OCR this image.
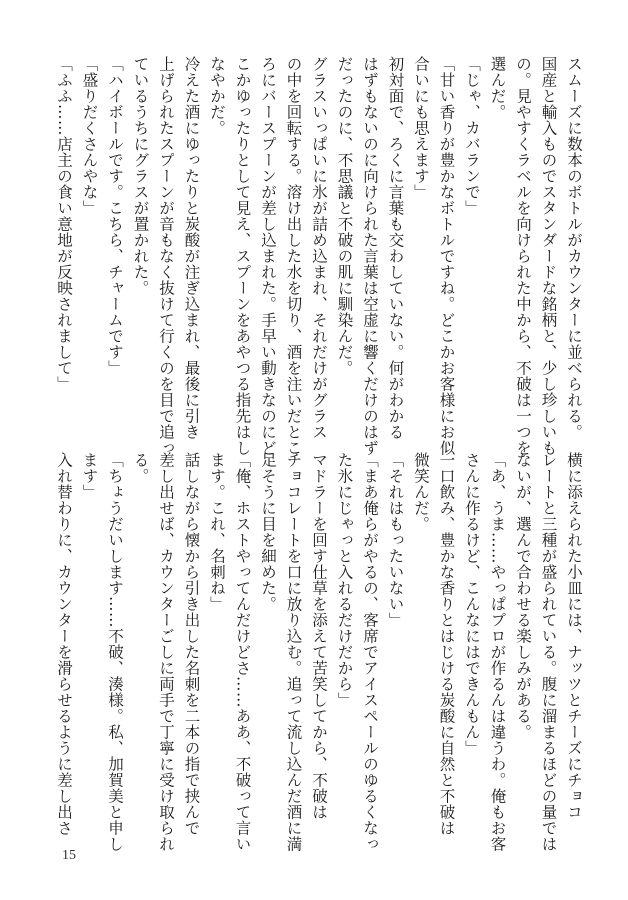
スムーズに数本のボトルがカウンターに並べられる。
国産と輸入ものでスタンダードな銘柄と、少し珍しいも
の。見やすくラベルを向けられた中から、不破は一つを
選んだ。
「じゃ、カバランで」
「甘い香りが豊かなボトルですね。どこかお客様にお似
合いにも思えます」
初対面で、ろくに言葉も交わしていない。何がわかる
はずもないのに向けられた言葉は空虚に響くだけのはず
だったのに、不思議と不破の肌に馴染んだ。
グラスいっぱいに氷が詰め込まれ、それだけがグラス
の中を回転する。溶け出した水を切り、酒を注いだとこ
ろにバースプーンが差し込まれた。手早い動きなのにど
こかゆったりとして見え、スプーンをあやつる指先はし
なやかだ。
冷えた酒にゆったりと炭酸が注ぎ込まれ、最後に引き
上げられたスプーンが音もなく抜けて行くのを目で追っ
ているうちにグラスが置かれた。
「ハイボールです。こちら、チャームです」
「盛りだくさんやな」
「ふふ……店主の食い意地が反映されまして」
横に添えられた小皿には、ナッツとチーズにチョコ
レートと三種が盛られている。腹に溜まるほどの量では
ないが、選んで合わせる楽しみがある。
「あ、うま……やっぱプロが作るんは違うわ。俺もお客
さんに作るけど、こんなにはできんもん」
一口飲み、豊かな香りとはじける炭酸に自然と不破は
微笑んだ。
「それはもったいない」
「まあ俺らがやるの、客席でアイスペールのゆるくなっ
た氷にじゃっと入れるだけだから」
マドラーを回す仕草を添えて苦笑してから、不破は
チョコレートを口に放り込む。追って流し込んだ酒に満
足そうに目を細めた。
「俺、ホストやってんだけどさ……ああ、不破って言い
ます。これ、名刺ね」
話しながら懐から引き出した名刺を二本の指で挟んで
差し出せば、カウンターごしに両手で丁寧に受け取られ
る。
「ちょうだいします……不破、湊様。私、加賀美と申し
ます」
入れ替わりに、カウンターを滑らせるように差し出さ
15
